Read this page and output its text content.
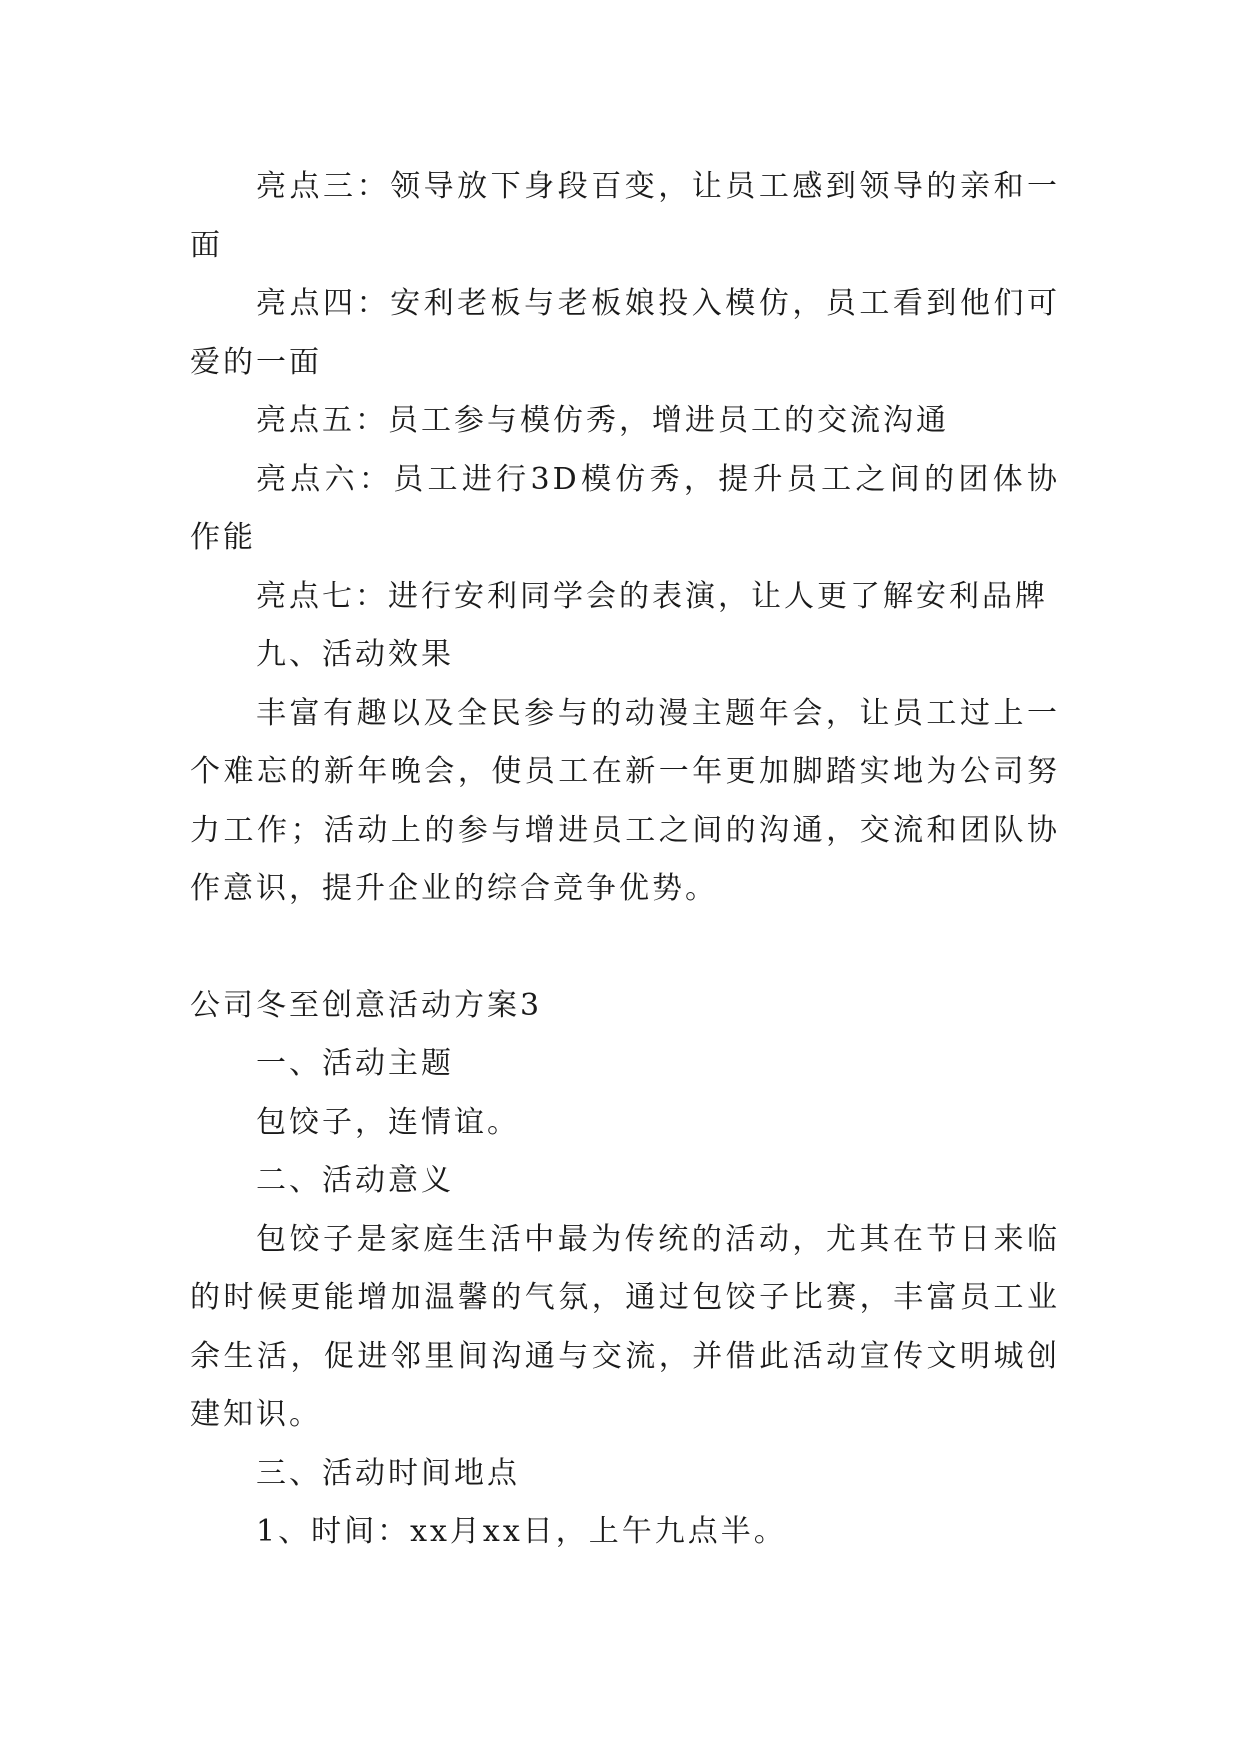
亮点三：领导放下身段百变，让员工感到领导的亲和一面

亮点四：安利老板与老板娘投入模仿，员工看到他们可爱的一面

亮点五：员工参与模仿秀，增进员工的交流沟通

亮点六：员工进行3D模仿秀，提升员工之间的团体协作能

亮点七：进行安利同学会的表演，让人更了解安利品牌

九、活动效果

丰富有趣以及全民参与的动漫主题年会，让员工过上一个难忘的新年晚会，使员工在新一年更加脚踏实地为公司努力工作；活动上的参与增进员工之间的沟通，交流和团队协作意识，提升企业的综合竞争优势。

公司冬至创意活动方案3

一、活动主题

包饺子，连情谊。

二、活动意义

包饺子是家庭生活中最为传统的活动，尤其在节日来临的时候更能增加温馨的气氛，通过包饺子比赛，丰富员工业余生活，促进邻里间沟通与交流，并借此活动宣传文明城创建知识。

三、活动时间地点

1、时间：xx月xx日，上午九点半。
